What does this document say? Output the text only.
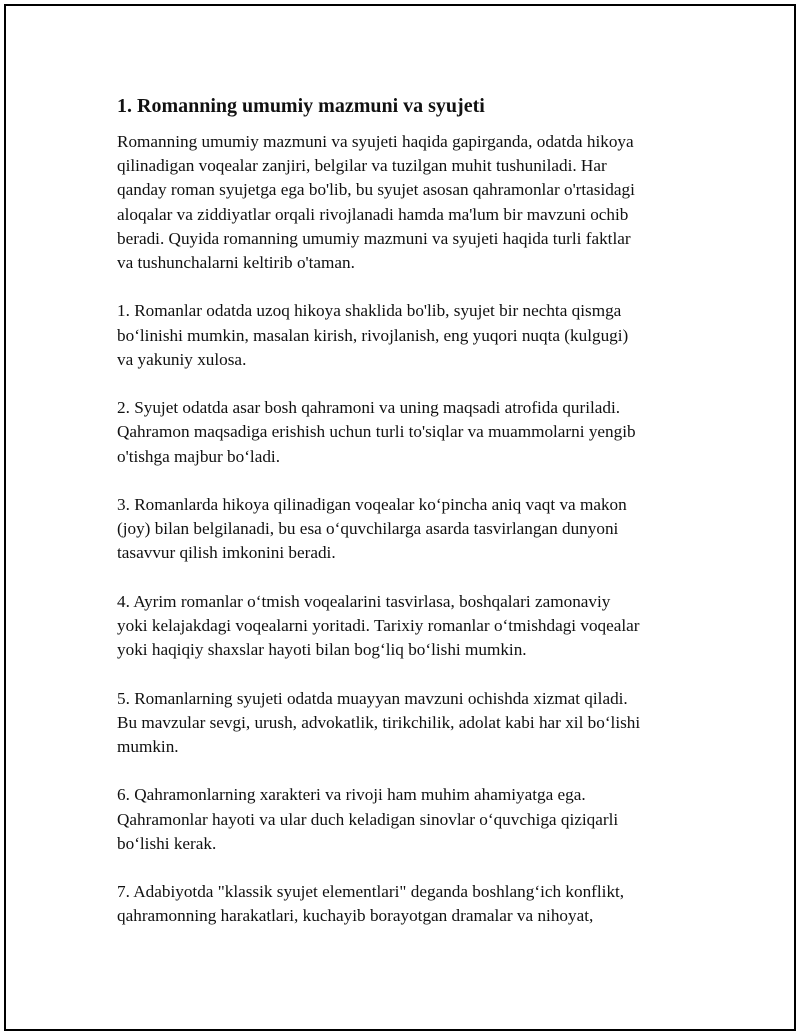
1. Romanning umumiy mazmuni va syujeti

Romanning umumiy mazmuni va syujeti haqida gapirganda, odatda hikoya
qilinadigan voqealar zanjiri, belgilar va tuzilgan muhit tushuniladi. Har
qanday roman syujetga ega bo'lib, bu syujet asosan qahramonlar o'rtasidagi
aloqalar va ziddiyatlar orqali rivojlanadi hamda ma'lum bir mavzuni ochib
beradi. Quyida romanning umumiy mazmuni va syujeti haqida turli faktlar
va tushunchalarni keltirib o'taman.

1. Romanlar odatda uzoq hikoya shaklida bo'lib, syujet bir nechta qismga
boʻlinishi mumkin, masalan kirish, rivojlanish, eng yuqori nuqta (kulgugi)
va yakuniy xulosa.

2. Syujet odatda asar bosh qahramoni va uning maqsadi atrofida quriladi.
Qahramon maqsadiga erishish uchun turli to'siqlar va muammolarni yengib
o'tishga majbur boʻladi.

3. Romanlarda hikoya qilinadigan voqealar koʻpincha aniq vaqt va makon
(joy) bilan belgilanadi, bu esa oʻquvchilarga asarda tasvirlangan dunyoni
tasavvur qilish imkonini beradi.

4. Ayrim romanlar oʻtmish voqealarini tasvirlasa, boshqalari zamonaviy
yoki kelajakdagi voqealarni yoritadi. Tarixiy romanlar oʻtmishdagi voqealar
yoki haqiqiy shaxslar hayoti bilan bogʻliq boʻlishi mumkin.

5. Romanlarning syujeti odatda muayyan mavzuni ochishda xizmat qiladi.
Bu mavzular sevgi, urush, advokatlik, tirikchilik, adolat kabi har xil boʻlishi
mumkin.

6. Qahramonlarning xarakteri va rivoji ham muhim ahamiyatga ega.
Qahramonlar hayoti va ular duch keladigan sinovlar oʻquvchiga qiziqarli
boʻlishi kerak.

7. Adabiyotda "klassik syujet elementlari" deganda boshlangʻich konflikt,
qahramonning harakatlari, kuchayib borayotgan dramalar va nihoyat,
